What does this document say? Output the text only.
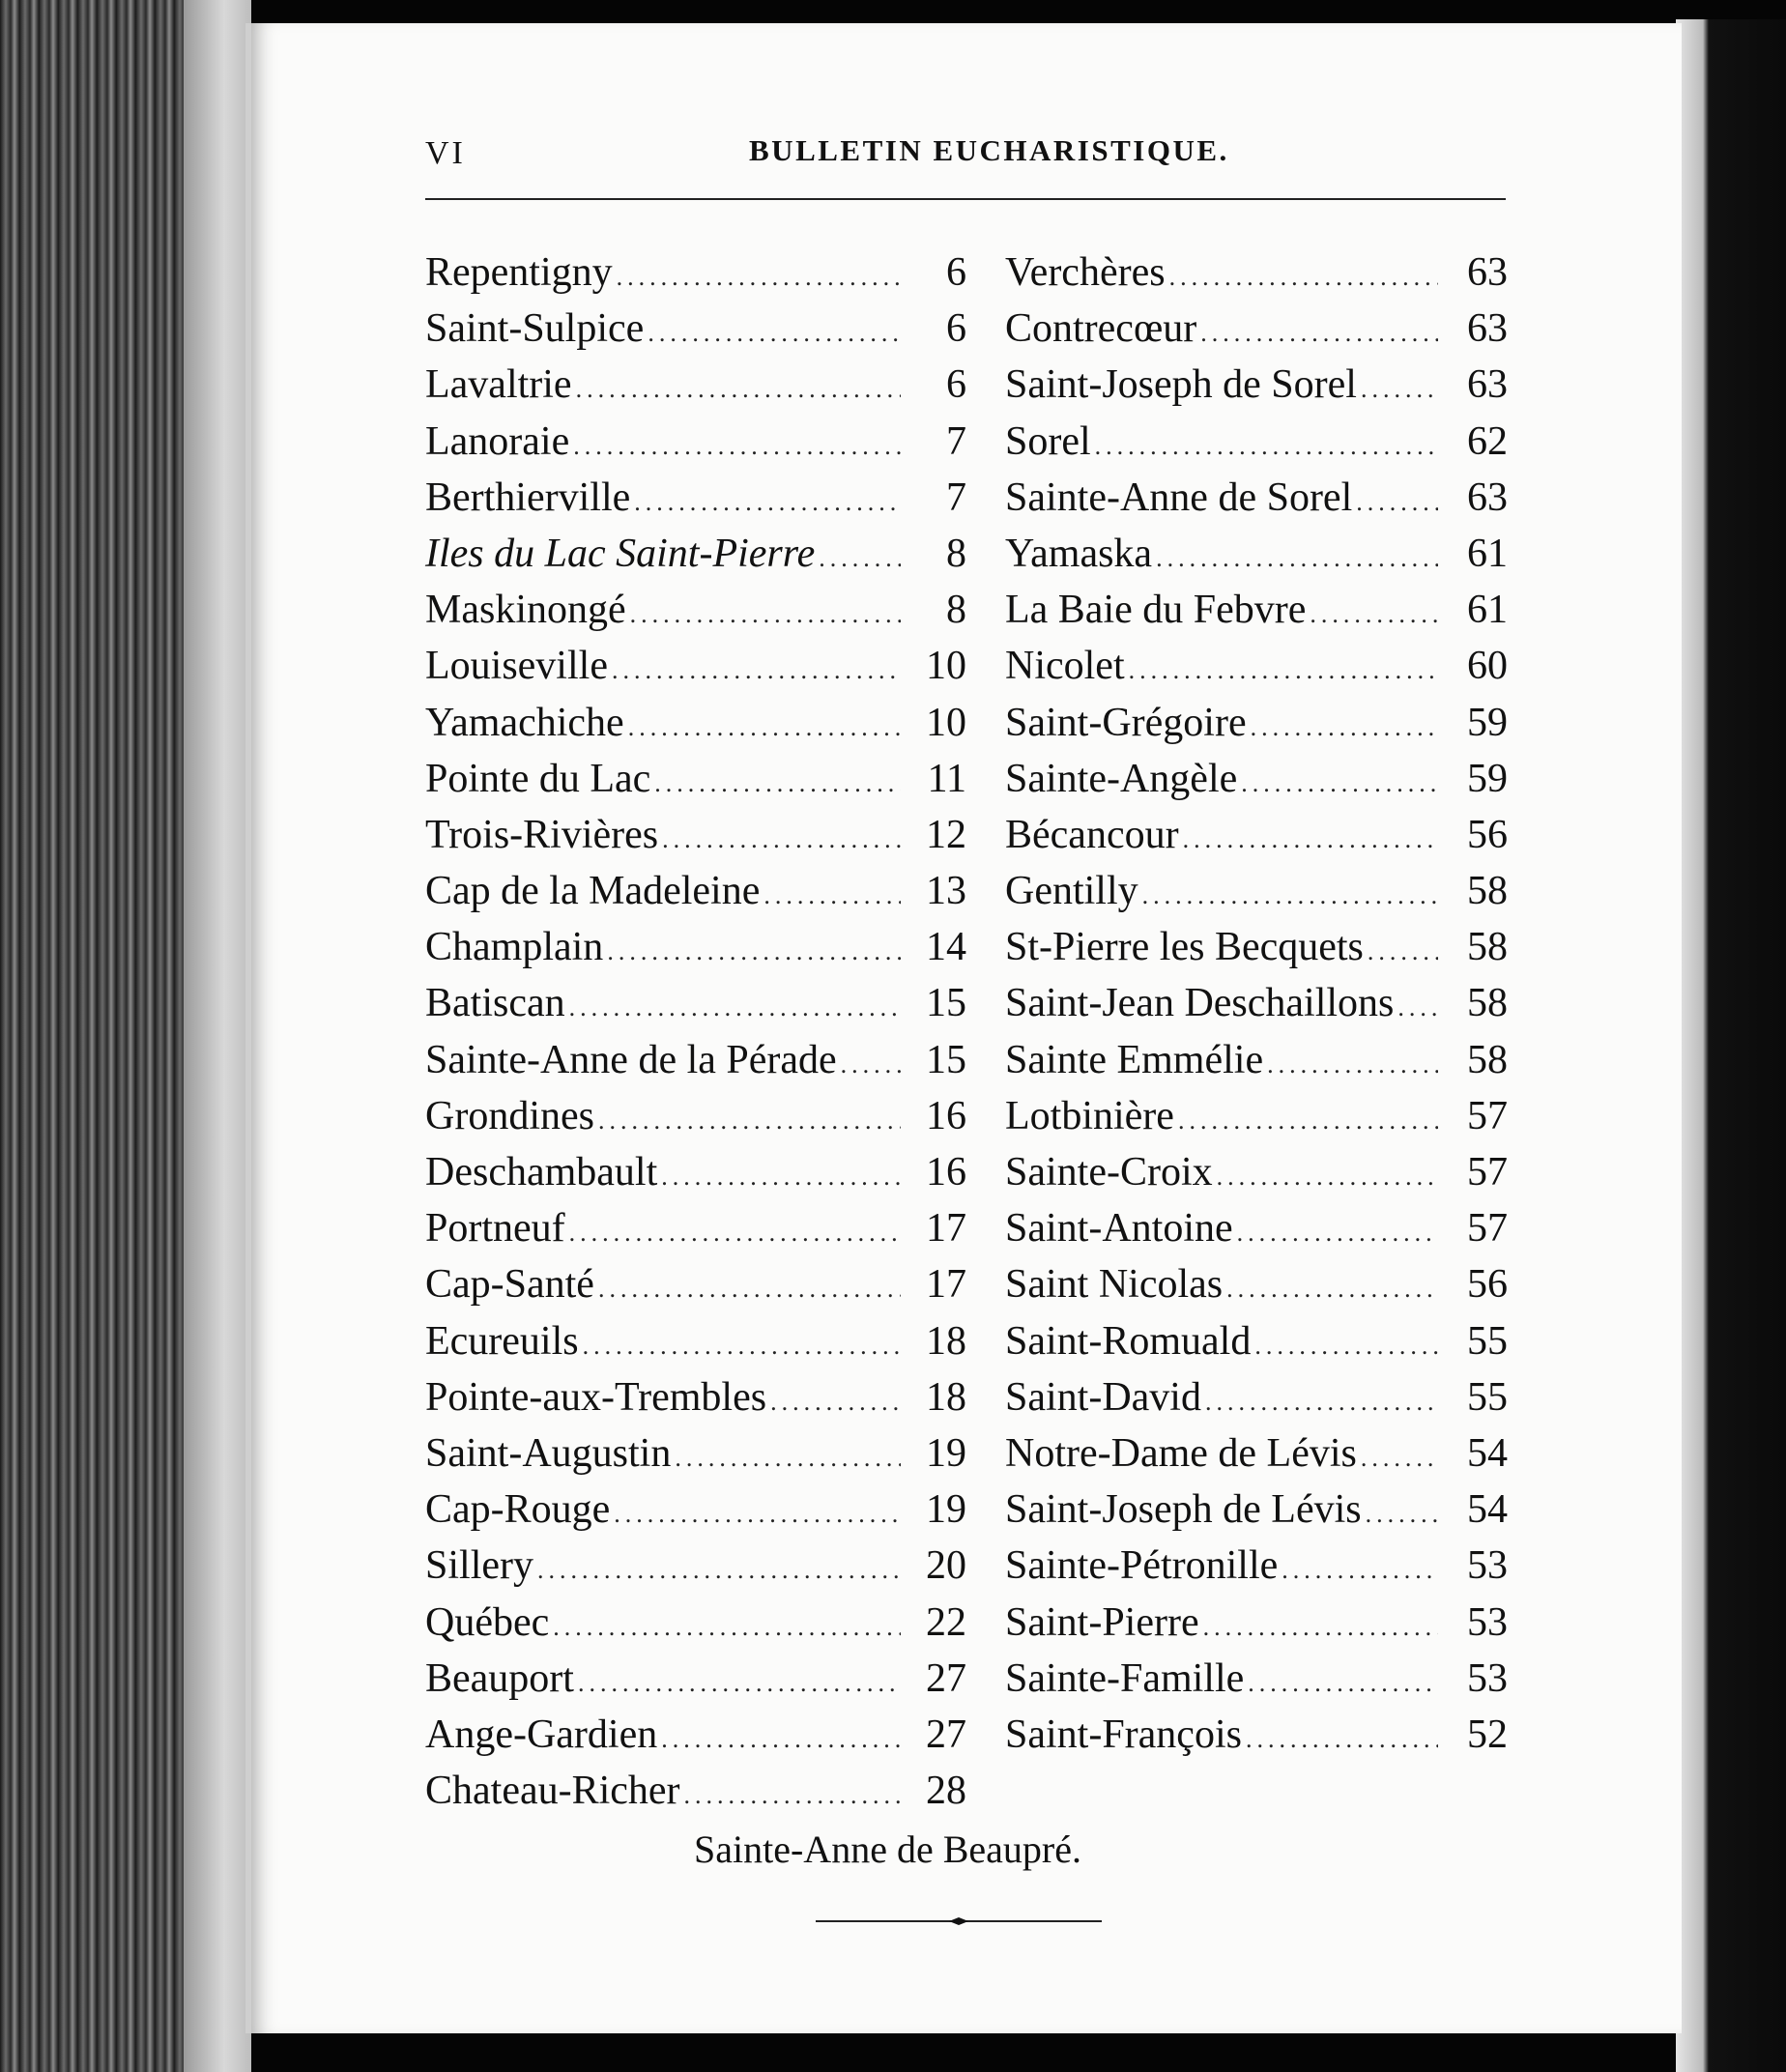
VI	BULLETIN EUCHARISTIQUE.
Repentigny .....	6
Saint-Sulpice .....	6
Lavaltrie .....	6
Lanoraie .....	7
Berthierville .....	7
Iles du Lac Saint-Pierre .....	8
Maskinongé .....	8
Louiseville .....	10
Yamachiche .....	10
Pointe du Lac .....	11
Trois-Rivières .....	12
Cap de la Madeleine .....	13
Champlain .....	14
Batiscan .....	15
Sainte-Anne de la Pérade .....	15
Grondines .....	16
Deschambault .....	16
Portneuf .....	17
Cap-Santé .....	17
Ecureuils .....	18
Pointe-aux-Trembles .....	18
Saint-Augustin .....	19
Cap-Rouge .....	19
Sillery .....	20
Québec .....	22
Beauport .....	27
Ange-Gardien .....	27
Chateau-Richer .....	28
Verchères .....	63
Contrecœur .....	63
Saint-Joseph de Sorel .....	63
Sorel .....	62
Sainte-Anne de Sorel .....	63
Yamaska .....	61
La Baie du Febvre .....	61
Nicolet .....	60
Saint-Grégoire .....	59
Sainte-Angèle .....	59
Bécancour .....	56
Gentilly .....	58
St-Pierre les Becquets .....	58
Saint-Jean Deschaillons .....	58
Sainte Emmélie .....	58
Lotbinière .....	57
Sainte-Croix .....	57
Saint-Antoine .....	57
Saint Nicolas .....	56
Saint-Romuald .....	55
Saint-David .....	55
Notre-Dame de Lévis .....	54
Saint-Joseph de Lévis .....	54
Sainte-Pétronille .....	53
Saint-Pierre .....	53
Sainte-Famille .....	53
Saint-François .....	52
Sainte-Anne de Beaupré.
